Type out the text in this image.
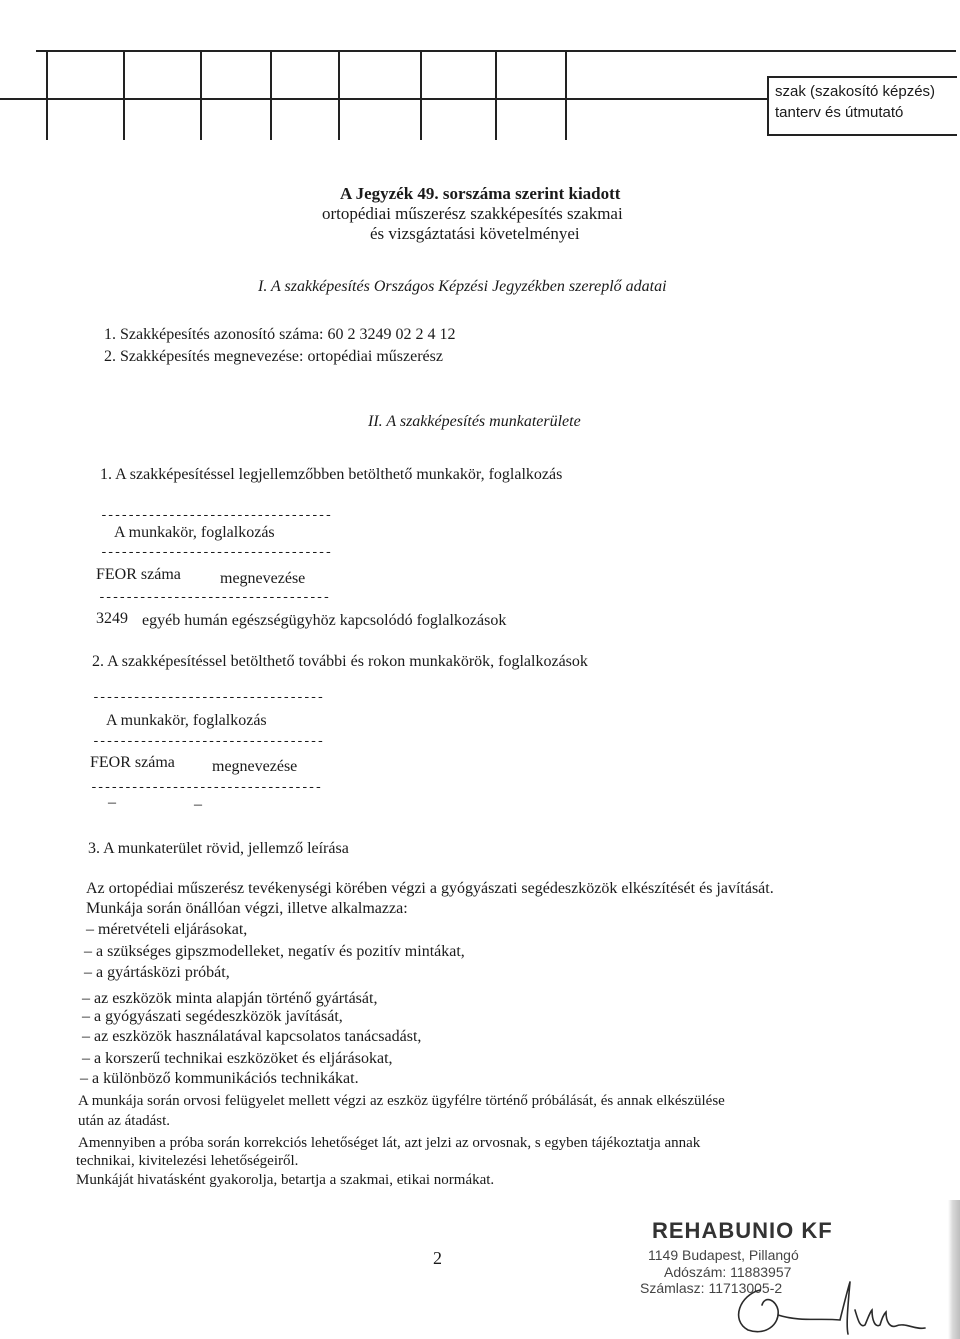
szak (szakosító képzés)
tanterv és útmutató
A Jegyzék 49. sorszáma szerint kiadott
ortopédiai műszerész szakképesítés szakmai
és vizsgáztatási követelményei
I. A szakképesítés Országos Képzési Jegyzékben szereplő adatai
1. Szakképesítés azonosító száma: 60 2 3249 02 2 4 12
2. Szakképesítés megnevezése: ortopédiai műszerész
II. A szakképesítés munkaterülete
1. A szakképesítéssel legjellemzőbben betölthető munkakör, foglalkozás
----------------------------------
A munkakör, foglalkozás
----------------------------------
FEOR száma megnevezése
----------------------------------
3249 egyéb humán egészségügyhöz kapcsolódó foglalkozások
2. A szakképesítéssel betölthető további és rokon munkakörök, foglalkozások
----------------------------------
A munkakör, foglalkozás
----------------------------------
FEOR száma megnevezése
----------------------------------
–	–
3. A munkaterület rövid, jellemző leírása
Az ortopédiai műszerész tevékenységi körében végzi a gyógyászati segédeszközök elkészítését és javítását.
Munkája során önállóan végzi, illetve alkalmazza:
– méretvételi eljárásokat,
– a szükséges gipszmodelleket, negatív és pozitív mintákat,
– a gyártásközi próbát,
– az eszközök minta alapján történő gyártását,
– a gyógyászati segédeszközök javítását,
– az eszközök használatával kapcsolatos tanácsadást,
– a korszerű technikai eszközöket és eljárásokat,
– a különböző kommunikációs technikákat.
A munkája során orvosi felügyelet mellett végzi az eszköz ügyfélre történő próbálását, és annak elkészülése
után az átadást.
Amennyiben a próba során korrekciós lehetőséget lát, azt jelzi az orvosnak, s egyben tájékoztatja annak
technikai, kivitelezési lehetőségeiről.
Munkáját hivatásként gyakorolja, betartja a szakmai, etikai normákat.
2
REHABUNIO KF
1149 Budapest, Pillangó
Adószám: 11883957
Számlasz: 11713005-2
